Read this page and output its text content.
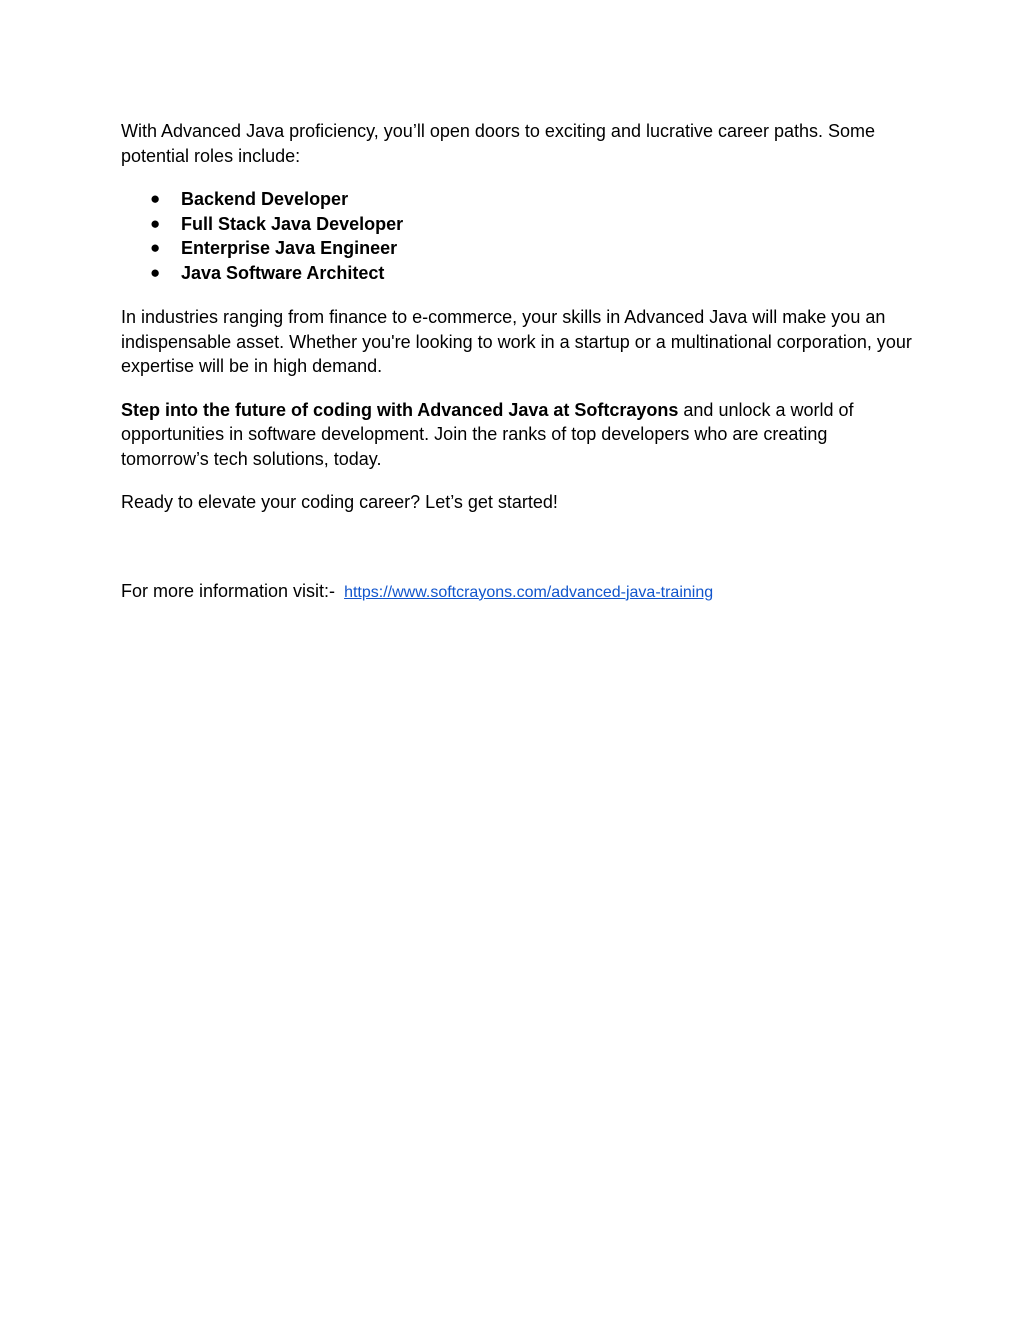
With Advanced Java proficiency, you’ll open doors to exciting and lucrative career paths. Some potential roles include:

● Backend Developer
● Full Stack Java Developer
● Enterprise Java Engineer
● Java Software Architect

In industries ranging from finance to e-commerce, your skills in Advanced Java will make you an indispensable asset. Whether you're looking to work in a startup or a multinational corporation, your expertise will be in high demand.

Step into the future of coding with Advanced Java at Softcrayons and unlock a world of opportunities in software development. Join the ranks of top developers who are creating tomorrow’s tech solutions, today.

Ready to elevate your coding career? Let’s get started!

For more information visit:- https://www.softcrayons.com/advanced-java-training
